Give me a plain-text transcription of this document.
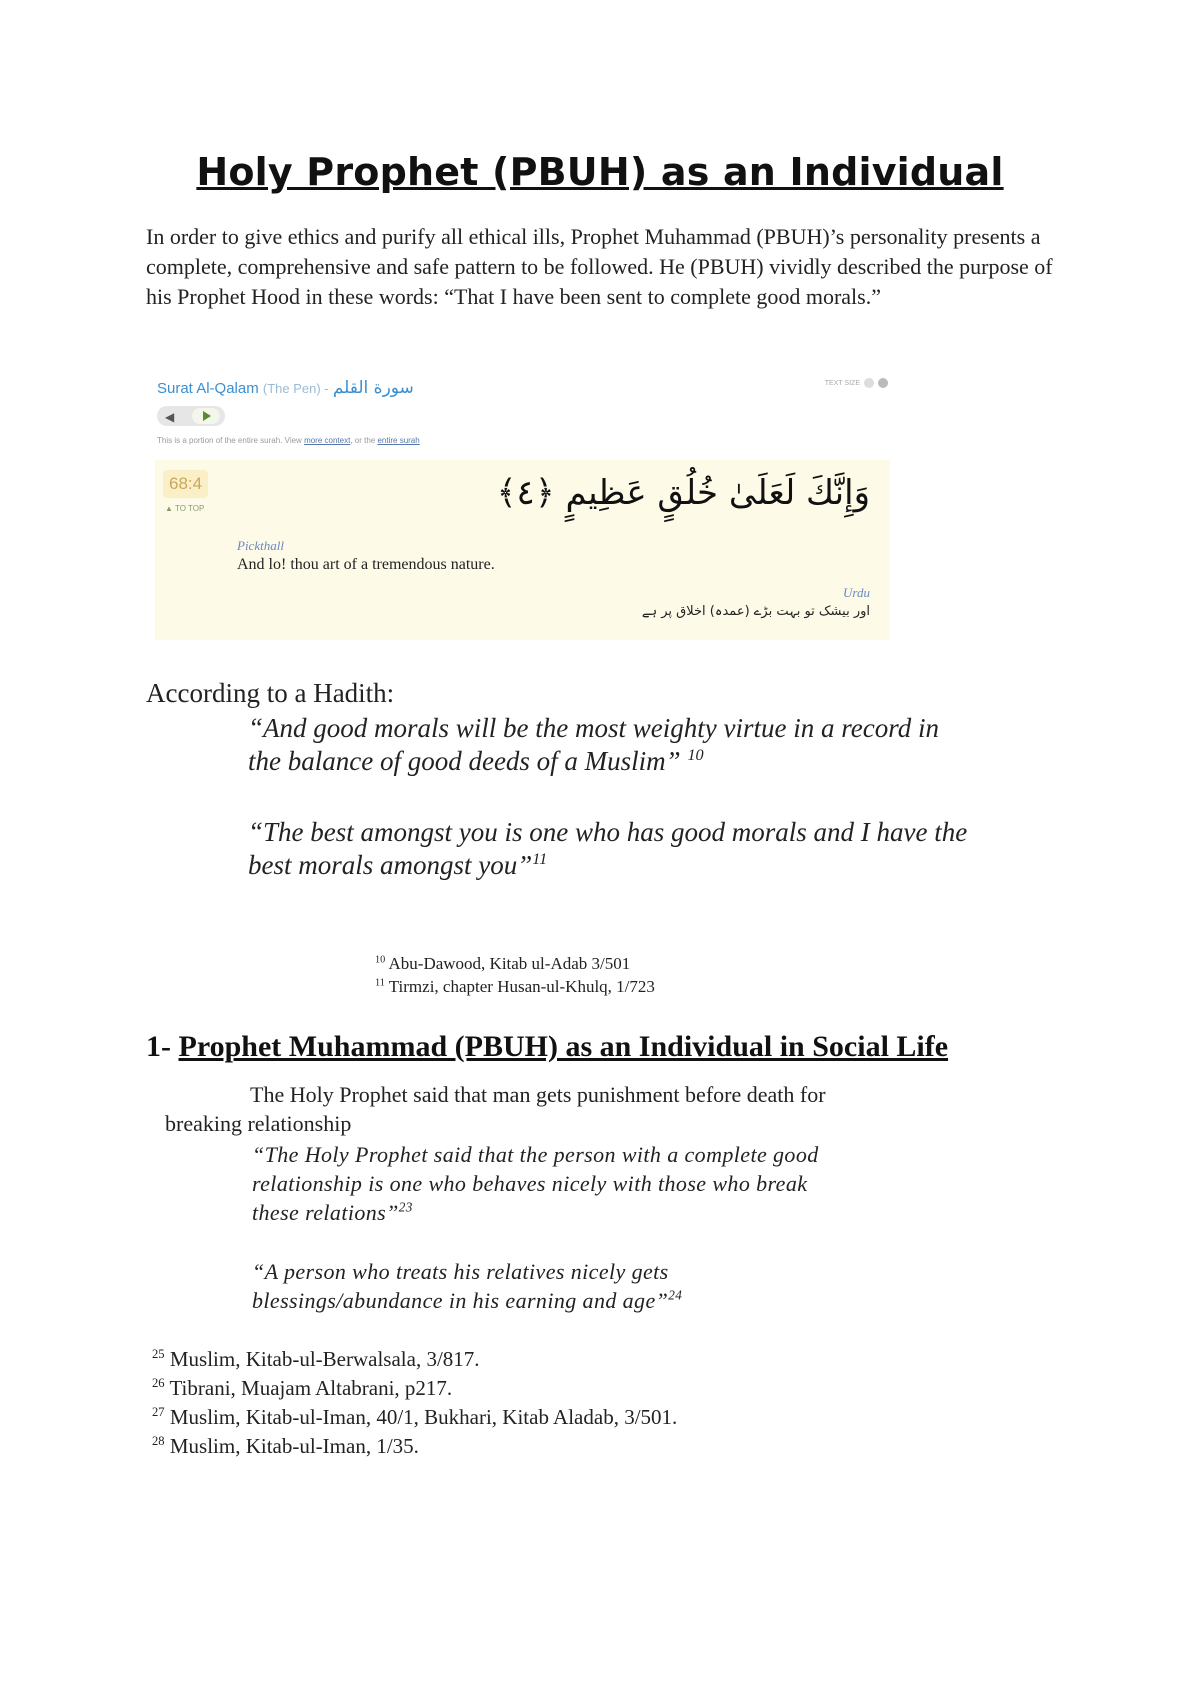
Holy Prophet (PBUH) as an Individual

In order to give ethics and purify all ethical ills, Prophet Muhammad (PBUH)’s personality presents a complete, comprehensive and safe pattern to be followed. He (PBUH) vividly described the purpose of his Prophet Hood in these words: “That I have been sent to complete good morals.”

Surat Al-Qalam (The Pen) - سورة القلم	TEXT SIZE
◀
This is a portion of the entire surah. View more context, or the entire surah
68:4
▲ TO TOP	وَإِنَّكَ لَعَلَىٰ خُلُقٍ عَظِيمٍ ﴿٤﴾
Pickthall
And lo! thou art of a tremendous nature.
Urdu
اور بیشک تو بہت بڑے (عمدہ) اخلاق پر ہے

According to a Hadith:

“And good morals will be the most weighty virtue in a record in the balance of good deeds of a Muslim” $^{10}$

“The best amongst you is one who has good morals and I have the best morals amongst you”$^{11}$

$^{10}$ Abu-Dawood, Kitab ul-Adab 3/501
$^{11}$ Tirmzi, chapter Husan-ul-Khulq, 1/723
1- Prophet Muhammad (PBUH) as an Individual in Social Life
The Holy Prophet said that man gets punishment before death for
breaking relationship

“The Holy Prophet said that the person with a complete good relationship is one who behaves nicely with those who break these relations”$^{23}$

“A person who treats his relatives nicely gets blessings/abundance in his earning and age”$^{24}$

$^{25}$ Muslim, Kitab-ul-Berwalsala, 3/817.
$^{26}$ Tibrani, Muajam Altabrani, p217.
$^{27}$ Muslim, Kitab-ul-Iman, 40/1, Bukhari, Kitab Aladab, 3/501.
$^{28}$ Muslim, Kitab-ul-Iman, 1/35.
